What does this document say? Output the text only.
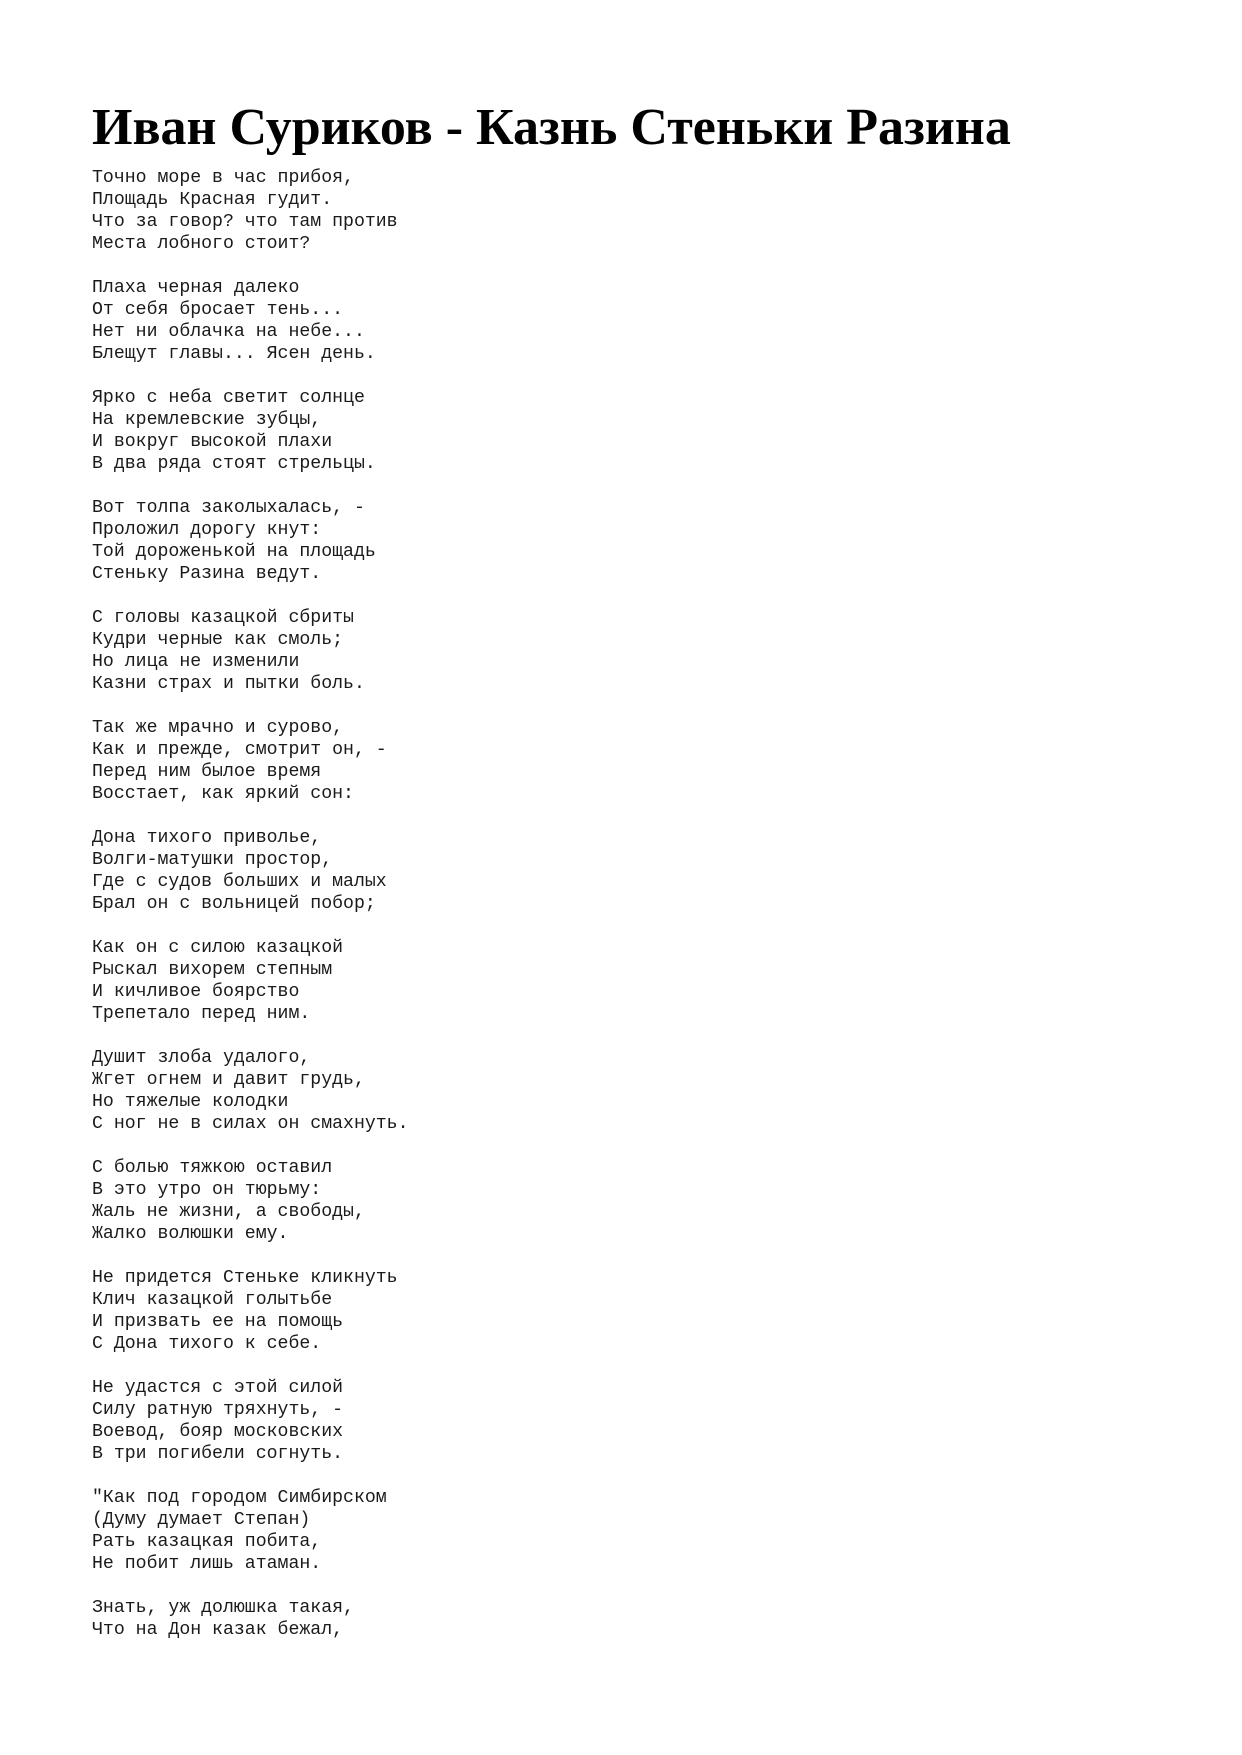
Иван Суриков - Казнь Стеньки Разина
Точно море в час прибоя,
Площадь Красная гудит.
Что за говор? что там против
Места лобного стоит?
Плаха черная далеко
От себя бросает тень...
Нет ни облачка на небе...
Блещут главы... Ясен день.
Ярко с неба светит солнце
На кремлевские зубцы,
И вокруг высокой плахи
В два ряда стоят стрельцы.
Вот толпа заколыхалась, -
Проложил дорогу кнут:
Той дороженькой на площадь
Стеньку Разина ведут.
С головы казацкой сбриты
Кудри черные как смоль;
Но лица не изменили
Казни страх и пытки боль.
Так же мрачно и сурово,
Как и прежде, смотрит он, -
Перед ним былое время
Восстает, как яркий сон:
Дона тихого приволье,
Волги-матушки простор,
Где с судов больших и малых
Брал он с вольницей побор;
Как он с силою казацкой
Рыскал вихорем степным
И кичливое боярство
Трепетало перед ним.
Душит злоба удалого,
Жгет огнем и давит грудь,
Но тяжелые колодки
С ног не в силах он смахнуть.
С болью тяжкою оставил
В это утро он тюрьму:
Жаль не жизни, а свободы,
Жалко волюшки ему.
Не придется Стеньке кликнуть
Клич казацкой голытьбе
И призвать ее на помощь
С Дона тихого к себе.
Не удастся с этой силой
Силу ратную тряхнуть, -
Воевод, бояр московских
В три погибели согнуть.
"Как под городом Симбирском
(Думу думает Степан)
Рать казацкая побита,
Не побит лишь атаман.
Знать, уж долюшка такая,
Что на Дон казак бежал,
